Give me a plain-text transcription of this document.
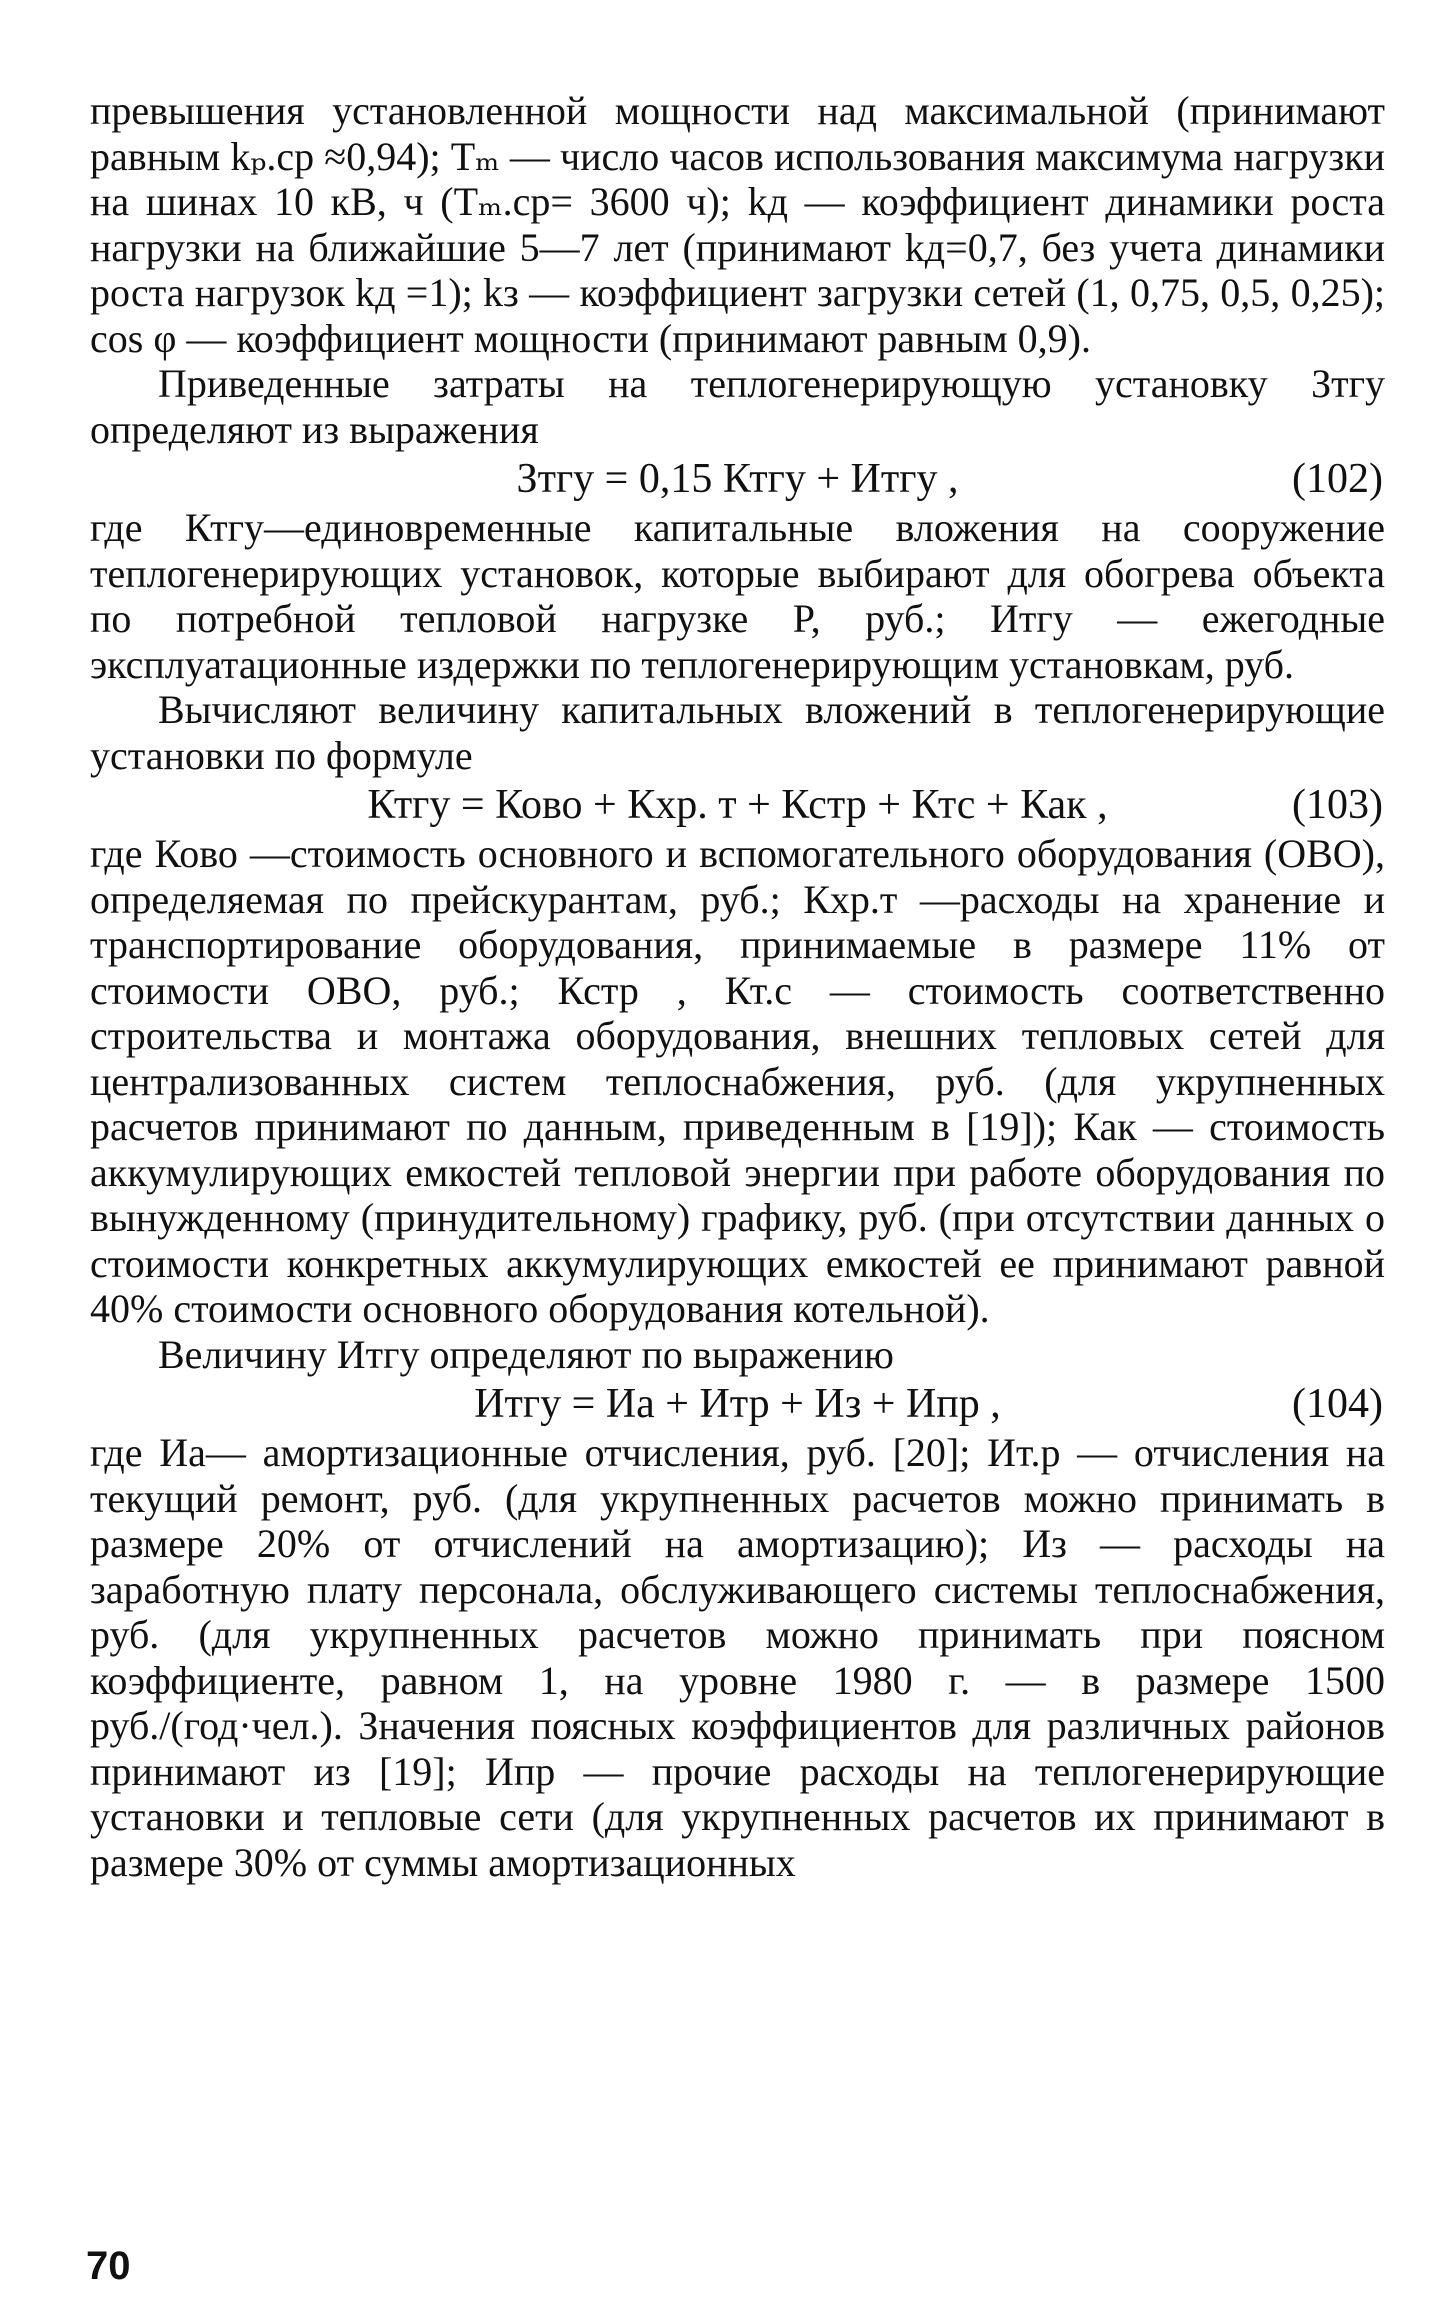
превышения установленной мощности над максимальной (принимают равным kₚ.ср ≈0,94); Tₘ — число часов использования максимума нагрузки на шинах 10 кВ, ч (Tₘ.ср= 3600 ч); kд — коэффициент динамики роста нагрузки на ближайшие 5—7 лет (принимают kд=0,7, без учета динамики роста нагрузок kд =1); kз — коэффициент загрузки сетей (1, 0,75, 0,5, 0,25); cos φ — коэффициент мощности (принимают равным 0,9).

Приведенные затраты на теплогенерирующую установку Зтгу определяют из выражения

Зтгу = 0,15 Ктгу + Итгу ,	(102)

где Ктгу—единовременные капитальные вложения на сооружение теплогенерирующих установок, которые выбирают для обогрева объекта по потребной тепловой нагрузке P, руб.; Итгу — ежегодные эксплуатационные издержки по теплогенерирующим установкам, руб.

Вычисляют величину капитальных вложений в теплогенерирующие установки по формуле

Ктгу = Ково + Кхр. т + Кстр + Ктс + Как ,	(103)

где Ково —стоимость основного и вспомогательного оборудования (ОВО), определяемая по прейскурантам, руб.; Кхр.т —расходы на хранение и транспортирование оборудования, принимаемые в размере 11% от стоимости ОВО, руб.; Кстр , Кт.с — стоимость соответственно строительства и монтажа оборудования, внешних тепловых сетей для централизованных систем теплоснабжения, руб. (для укрупненных расчетов принимают по данным, приведенным в [19]); Как — стоимость аккумулирующих емкостей тепловой энергии при работе оборудования по вынужденному (принудительному) графику, руб. (при отсутствии данных о стоимости конкретных аккумулирующих емкостей ее принимают равной 40% стоимости основного оборудования котельной).

Величину Итгу определяют по выражению

Итгу = Иа + Итр + Из + Ипр ,	(104)

где Иа— амортизационные отчисления, руб. [20]; Ит.р — отчисления на текущий ремонт, руб. (для укрупненных расчетов можно принимать в размере 20% от отчислений на амортизацию); Из — расходы на заработную плату персонала, обслуживающего системы теплоснабжения, руб. (для укрупненных расчетов можно принимать при поясном коэффициенте, равном 1, на уровне 1980 г. — в размере 1500 руб./(год·чел.). Значения поясных коэффициентов для различных районов принимают из [19]; Ипр — прочие расходы на теплогенерирующие установки и тепловые сети (для укрупненных расчетов их принимают в размере 30% от суммы амортизационных

70
